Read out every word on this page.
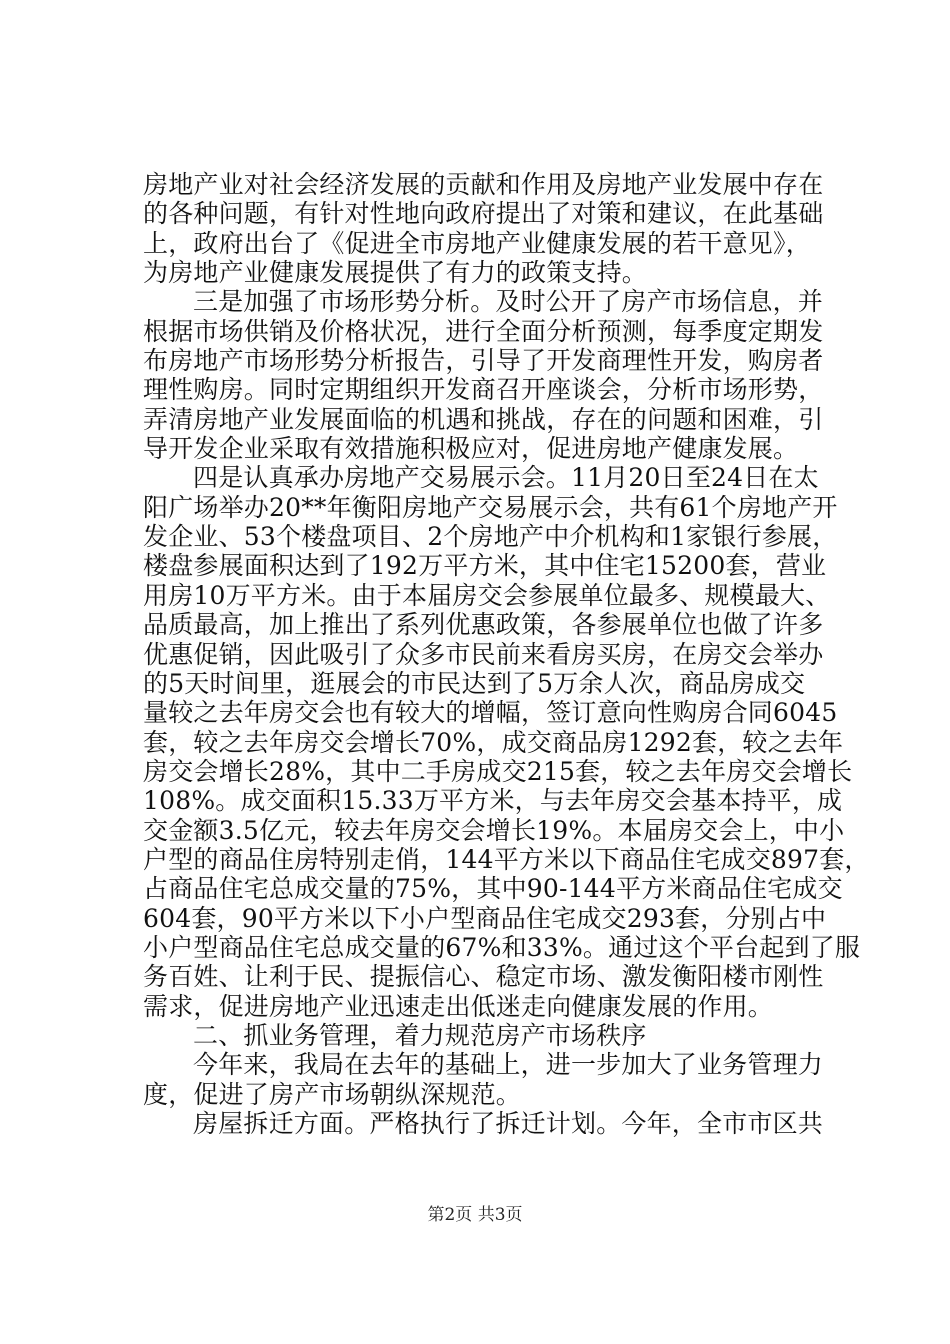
房地产业对社会经济发展的贡献和作用及房地产业发展中存在
的各种问题，有针对性地向政府提出了对策和建议，在此基础
上，政府出台了《促进全市房地产业健康发展的若干意见》，
为房地产业健康发展提供了有力的政策支持。
三是加强了市场形势分析。及时公开了房产市场信息，并
根据市场供销及价格状况，进行全面分析预测，每季度定期发
布房地产市场形势分析报告，引导了开发商理性开发，购房者
理性购房。同时定期组织开发商召开座谈会，分析市场形势，
弄清房地产业发展面临的机遇和挑战，存在的问题和困难，引
导开发企业采取有效措施积极应对，促进房地产健康发展。
四是认真承办房地产交易展示会。11月20日至24日在太
阳广场举办20**年衡阳房地产交易展示会，共有61个房地产开
发企业、53个楼盘项目、2个房地产中介机构和1家银行参展，
楼盘参展面积达到了192万平方米，其中住宅15200套，营业
用房10万平方米。由于本届房交会参展单位最多、规模最大、
品质最高，加上推出了系列优惠政策，各参展单位也做了许多
优惠促销，因此吸引了众多市民前来看房买房，在房交会举办
的5天时间里，逛展会的市民达到了5万余人次，商品房成交
量较之去年房交会也有较大的增幅，签订意向性购房合同6045
套，较之去年房交会增长70%，成交商品房1292套，较之去年
房交会增长28%，其中二手房成交215套，较之去年房交会增长
108%。成交面积15.33万平方米，与去年房交会基本持平，成
交金额3.5亿元，较去年房交会增长19%。本届房交会上，中小
户型的商品住房特别走俏，144平方米以下商品住宅成交897套，
占商品住宅总成交量的75%，其中90-144平方米商品住宅成交
604套，90平方米以下小户型商品住宅成交293套，分别占中
小户型商品住宅总成交量的67%和33%。通过这个平台起到了服
务百姓、让利于民、提振信心、稳定市场、激发衡阳楼市刚性
需求，促进房地产业迅速走出低迷走向健康发展的作用。
二、抓业务管理，着力规范房产市场秩序
今年来，我局在去年的基础上，进一步加大了业务管理力
度，促进了房产市场朝纵深规范。
房屋拆迁方面。严格执行了拆迁计划。今年，全市市区共
第2页 共3页
